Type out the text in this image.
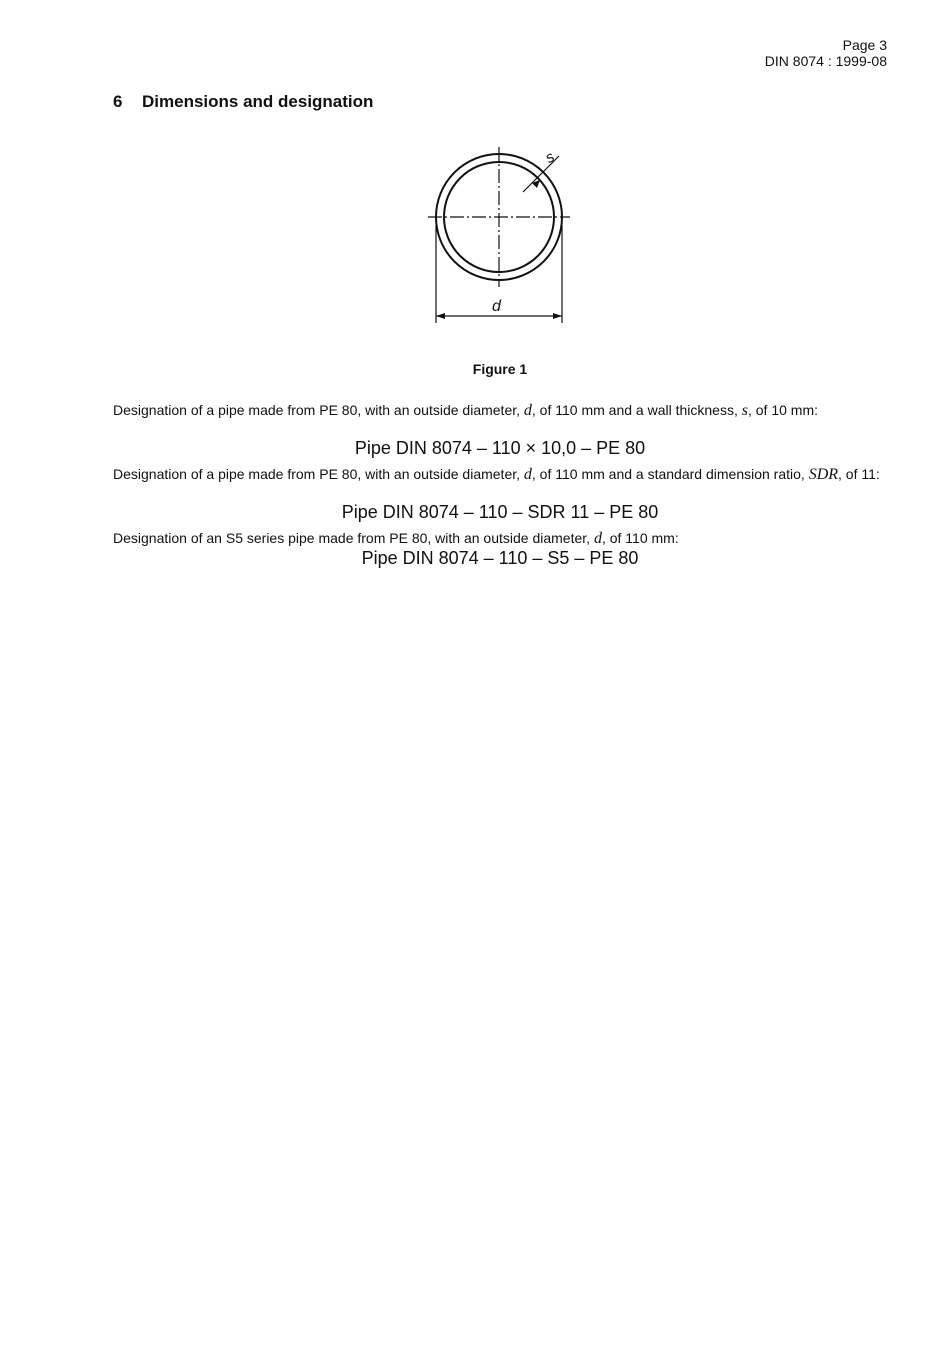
Page 3
DIN 8074 : 1999-08
6 Dimensions and designation
s
d
Figure 1

Designation of a pipe made from PE 80, with an outside diameter, d, of 110 mm and a wall thickness, s, of 10 mm:

Pipe DIN 8074 – 110 × 10,0 – PE 80

Designation of a pipe made from PE 80, with an outside diameter, d, of 110 mm and a standard dimension ratio, SDR, of 11:

Pipe DIN 8074 – 110 – SDR 11 – PE 80

Designation of an S5 series pipe made from PE 80, with an outside diameter, d, of 110 mm:

Pipe DIN 8074 – 110 – S5 – PE 80
